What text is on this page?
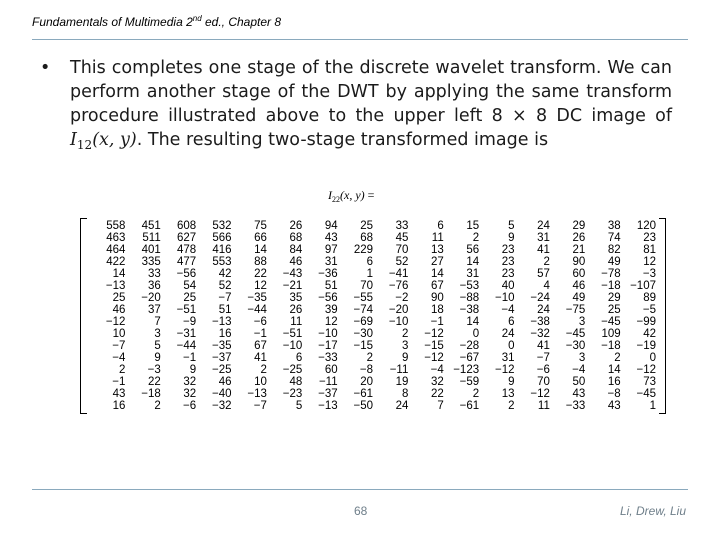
Fundamentals of Multimedia 2nd ed., Chapter 8
• This completes one stage of the discrete wavelet transform. We can perform another stage of the DWT by applying the same transform procedure illustrated above to the upper left 8 × 8 DC image of $I_{12}(x$, y). The resulting two-stage transformed image is
$I_{22}(x$, y) =
558	451	608	532	75	26	94	25	33	6	15	5	24	29	38	120
463	511	627	566	66	68	43	68	45	11	2	9	31	26	74	23
464	401	478	416	14	84	97	229	70	13	56	23	41	21	82	81
422	335	477	553	88	46	31	6	52	27	14	23	2	90	49	12
14	33	−56	42	22	−43	−36	1	−41	14	31	23	57	60	−78	−3
−13	36	54	52	12	−21	51	70	−76	67	−53	40	4	46	−18	−107
25	−20	25	−7	−35	35	−56	−55	−2	90	−88	−10	−24	49	29	89
46	37	−51	51	−44	26	39	−74	−20	18	−38	−4	24	−75	25	−5
−12	7	−9	−13	−6	11	12	−69	−10	−1	14	6	−38	3	−45	−99
10	3	−31	16	−1	−51	−10	−30	2	−12	0	24	−32	−45	109	42
−7	5	−44	−35	67	−10	−17	−15	3	−15	−28	0	41	−30	−18	−19
−4	9	−1	−37	41	6	−33	2	9	−12	−67	31	−7	3	2	0
2	−3	9	−25	2	−25	60	−8	−11	−4	−123	−12	−6	−4	14	−12
−1	22	32	46	10	48	−11	20	19	32	−59	9	70	50	16	73
43	−18	32	−40	−13	−23	−37	−61	8	22	2	13	−12	43	−8	−45
16	2	−6	−32	−7	5	−13	−50	24	7	−61	2	11	−33	43	1
68	Li, Drew, Liu
